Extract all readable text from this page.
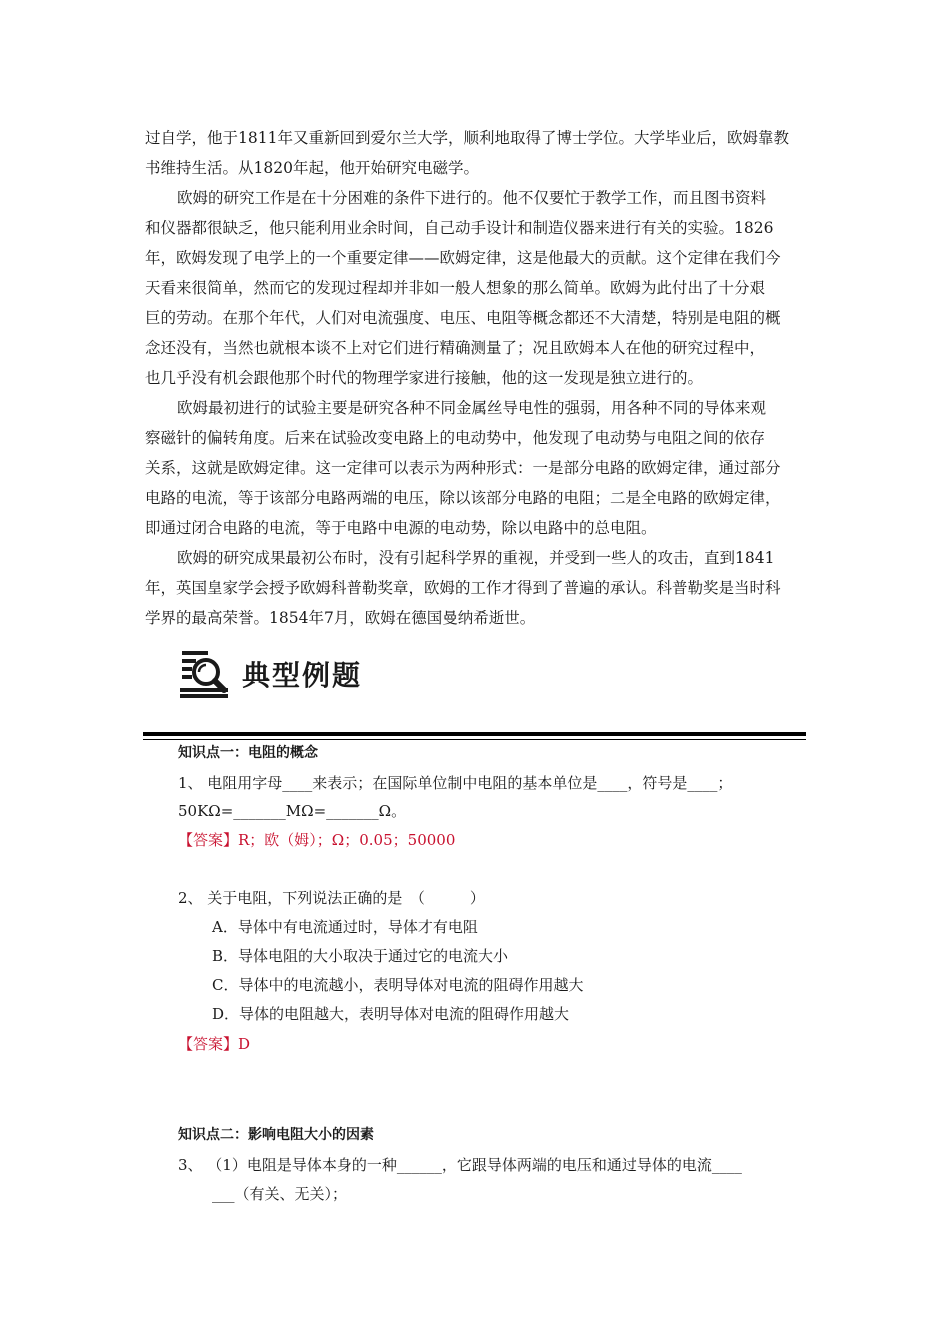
过自学，他于1811年又重新回到爱尔兰大学，顺利地取得了博士学位。大学毕业后，欧姆靠教

书维持生活。从1820年起，他开始研究电磁学。

欧姆的研究工作是在十分困难的条件下进行的。他不仅要忙于教学工作，而且图书资料

和仪器都很缺乏，他只能利用业余时间，自己动手设计和制造仪器来进行有关的实验。1826

年，欧姆发现了电学上的一个重要定律——欧姆定律，这是他最大的贡献。这个定律在我们今

天看来很简单，然而它的发现过程却并非如一般人想象的那么简单。欧姆为此付出了十分艰

巨的劳动。在那个年代，人们对电流强度、电压、电阻等概念都还不大清楚，特别是电阻的概

念还没有，当然也就根本谈不上对它们进行精确测量了；况且欧姆本人在他的研究过程中，

也几乎没有机会跟他那个时代的物理学家进行接触，他的这一发现是独立进行的。

欧姆最初进行的试验主要是研究各种不同金属丝导电性的强弱，用各种不同的导体来观

察磁针的偏转角度。后来在试验改变电路上的电动势中，他发现了电动势与电阻之间的依存

关系，这就是欧姆定律。这一定律可以表示为两种形式：一是部分电路的欧姆定律，通过部分

电路的电流，等于该部分电路两端的电压，除以该部分电路的电阻；二是全电路的欧姆定律，

即通过闭合电路的电流，等于电路中电源的电动势，除以电路中的总电阻。

欧姆的研究成果最初公布时，没有引起科学界的重视，并受到一些人的攻击，直到1841

年，英国皇家学会授予欧姆科普勒奖章，欧姆的工作才得到了普遍的承认。科普勒奖是当时科

学界的最高荣誉。1854年7月，欧姆在德国曼纳希逝世。

典型例题

知识点一：电阻的概念

1、 电阻用字母____来表示；在国际单位制中电阻的基本单位是____，符号是____；

50KΩ=_______MΩ=_______Ω。

【答案】R；欧（姆）；Ω；0.05；50000

2、 关于电阻，下列说法正确的是　（　　　）

A．导体中有电流通过时，导体才有电阻

B．导体电阻的大小取决于通过它的电流大小

C．导体中的电流越小，表明导体对电流的阻碍作用越大

D．导体的电阻越大，表明导体对电流的阻碍作用越大

【答案】D

知识点二：影响电阻大小的因素

3、 （1）电阻是导体本身的一种______，它跟导体两端的电压和通过导体的电流____

___（有关、无关）；
